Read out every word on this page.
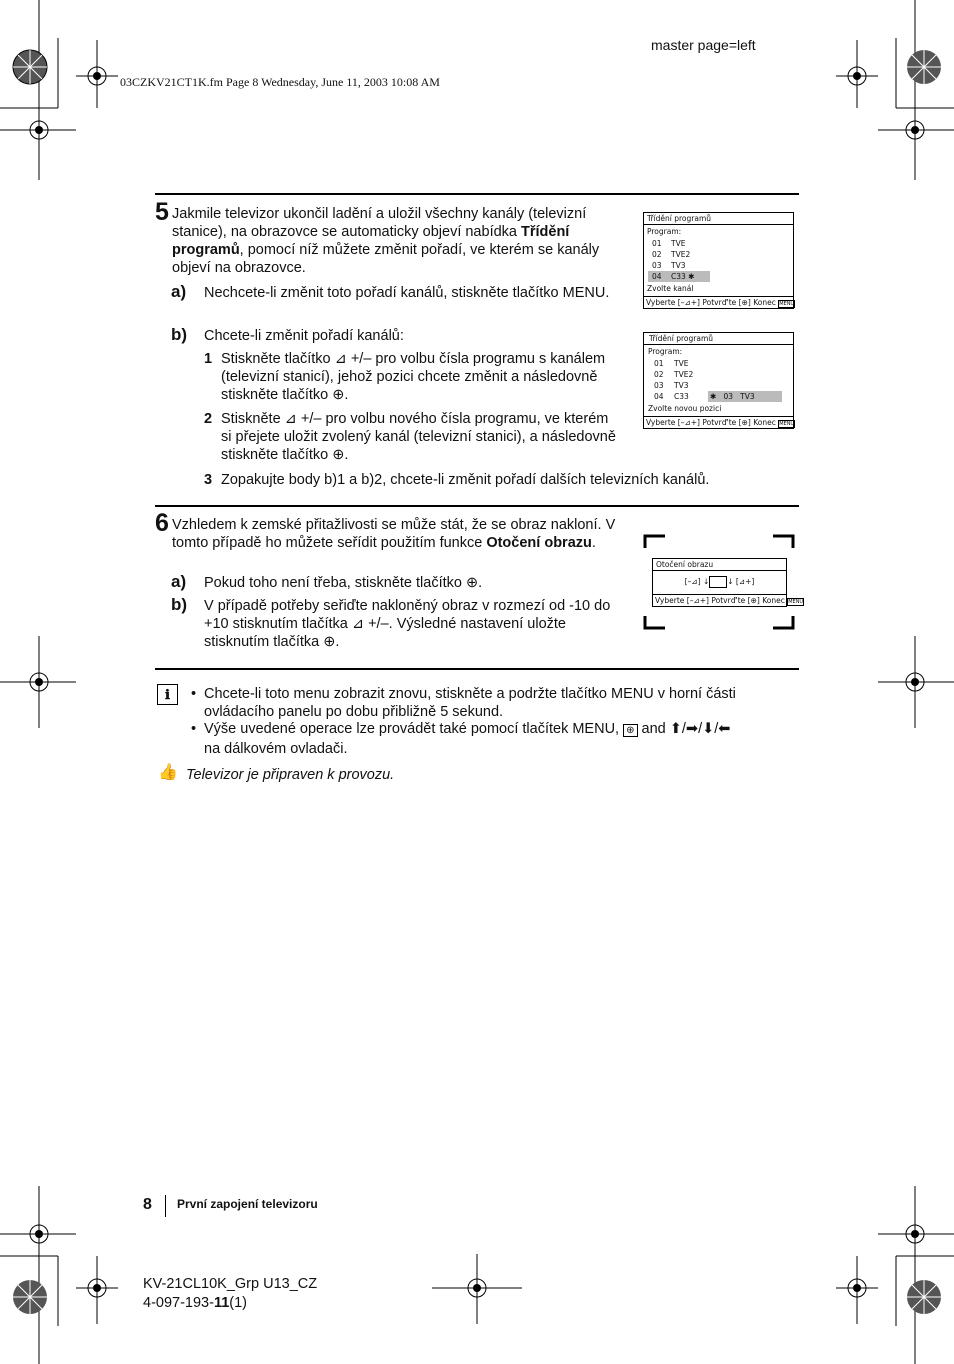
master page=left
03CZKV21CT1K.fm Page 8 Wednesday, June 11, 2003 10:08 AM
5 Jakmile televizor ukončil ladění a uložil všechny kanály (televizní stanice), na obrazovce se automaticky objeví nabídka Třídění programů, pomocí níž můžete změnit pořadí, ve kterém se kanály objeví na obrazovce.
a) Nechcete-li změnit toto pořadí kanálů, stiskněte tlačítko MENU.
b) Chcete-li změnit pořadí kanálů:
1 Stiskněte tlačítko ⊿ +/– pro volbu čísla programu s kanálem (televizní stanicí), jehož pozici chcete změnit a následovně stiskněte tlačítko ⊕.
2 Stiskněte ⊿ +/– pro volbu nového čísla programu, ve kterém si přejete uložit zvolený kanál (televizní stanici), a následovně stiskněte tlačítko ⊕.
3 Zopakujte body b)1 a b)2, chcete-li změnit pořadí dalších televizních kanálů.
Třídění programů
Program:
01 TVE
02 TVE2
03 TV3
04 C33 ✱
Zvolte kanál
Vyberte [–⊿+] Potvrď'te [⊕] Konec MENU
Třídění programů
Program:
01 TVE
02 TVE2
03 TV3
04 C33	✱ 03 TV3
Zvolte novou pozici
Vyberte [–⊿+] Potvrď'te [⊕] Konec MENU
6 Vzhledem k zemské přitažlivosti se může stát, že se obraz nakloní. V tomto případě ho můžete seřídit použitím funkce Otočení obrazu.
a) Pokud toho není třeba, stiskněte tlačítko ⊕.
b) V případě potřeby seřiďte nakloněný obraz v rozmezí od -10 do +10 stisknutím tlačítka ⊿ +/–. Výsledné nastavení uložte stisknutím tlačítka ⊕.
Otočení obrazu
[–⊿] ↓ ↓ [⊿+]
Vyberte [–⊿+] Potvrď'te [⊕] Konec MENU
ℹ	• Chcete-li toto menu zobrazit znovu, stiskněte a podržte tlačítko MENU v horní části ovládacího panelu po dobu přibližně 5 sekund.
• Výše uvedené operace lze provádět také pomocí tlačítek MENU, ⊕ and ⬆/➡/⬇/⬅
na dálkovém ovladači.
👍 Televizor je připraven k provozu.
8 První zapojení televizoru
KV-21CL10K_Grp U13_CZ
4-097-193-11(1)
